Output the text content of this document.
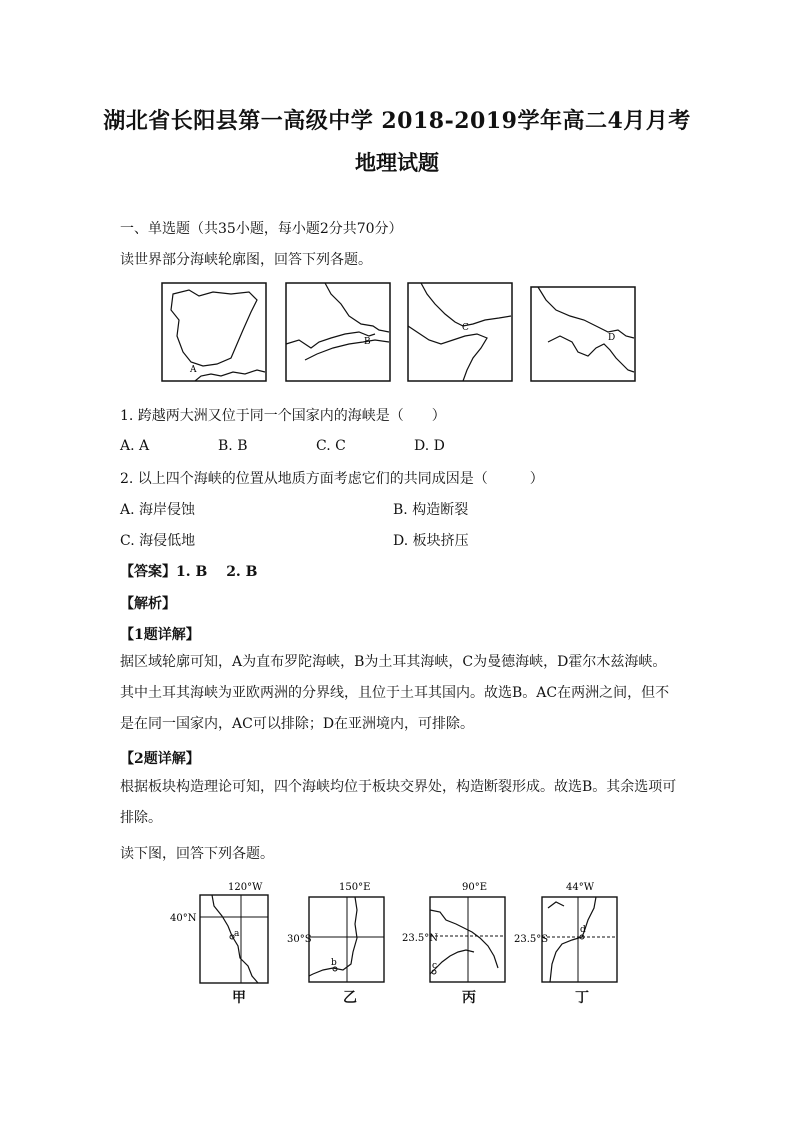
湖北省长阳县第一高级中学 2018-2019学年高二4月月考
地理试题
一、单选题（共35小题，每小题2分共70分）
读世界部分海峡轮廓图，回答下列各题。
A
B
C
D
1. 跨越两大洲又位于同一个国家内的海峡是（　　）
A. A	B. B	C. C	D. D
2. 以上四个海峡的位置从地质方面考虑它们的共同成因是（　　　）
A. 海岸侵蚀	B. 构造断裂
C. 海侵低地	D. 板块挤压
【答案】1. B　 2. B
【解析】
【1题详解】
据区域轮廓可知，A为直布罗陀海峡，B为土耳其海峡，C为曼德海峡，D霍尔木兹海峡。其中土耳其海峡为亚欧两洲的分界线，且位于土耳其国内。故选B。AC在两洲之间，但不是在同一国家内，AC可以排除；D在亚洲境内，可排除。
【2题详解】
根据板块构造理论可知，四个海峡均位于板块交界处，构造断裂形成。故选B。其余选项可排除。
读下图，回答下列各题。
120°W
40°N
a
甲
150°E
30°S
b
乙
90°E
23.5°N
c
丙
44°W
23.5°S
d
丁
